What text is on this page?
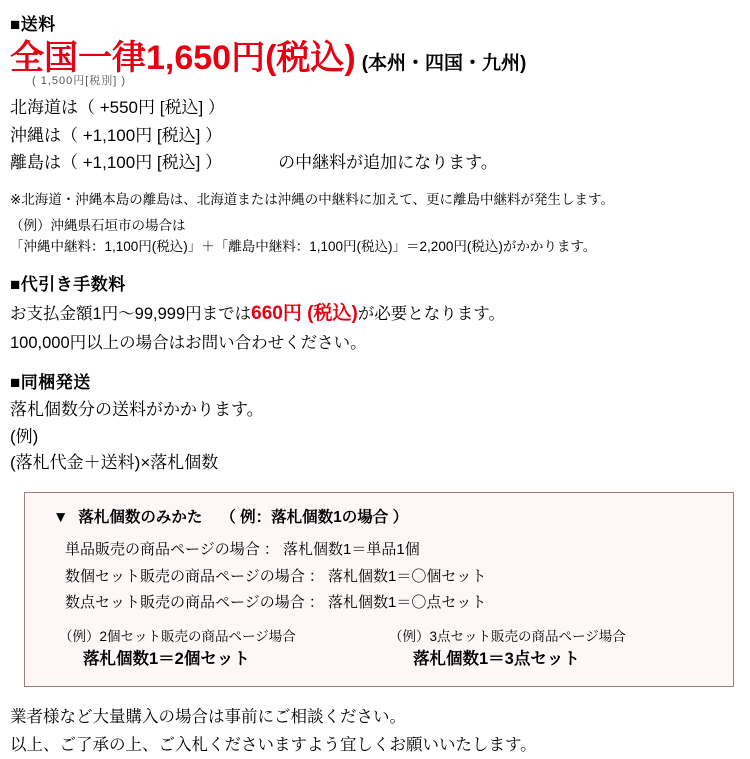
■送料
全国一律1,650円(税込) (本州・四国・九州)
( 1,500円[税別] )
北海道は（ +550円 [税込] ）
沖縄は（ +1,100円 [税込] ）
離島は（ +1,100円 [税込] ）	の中継料が追加になります。
※北海道・沖縄本島の離島は、北海道または沖縄の中継料に加えて、更に離島中継料が発生します。
（例）沖縄県石垣市の場合は
「沖縄中継料：1,100円(税込)」＋「離島中継料：1,100円(税込)」＝2,200円(税込)がかかります。
■代引き手数料
お支払金額1円～99,999円までは660円 (税込)が必要となります。
100,000円以上の場合はお問い合わせください。
■同梱発送
落札個数分の送料がかかります。
(例)
(落札代金＋送料)×落札個数
▼ 落札個数のみかた （ 例：落札個数1の場合 ）
単品販売の商品ページの場合 ： 落札個数1＝単品1個
数個セット販売の商品ページの場合 ： 落札個数1＝〇個セット
数点セット販売の商品ページの場合 ： 落札個数1＝〇点セット
（例）2個セット販売の商品ページ場合
落札個数1＝2個セット
（例）3点セット販売の商品ページ場合
落札個数1＝3点セット
業者様など大量購入の場合は事前にご相談ください。
以上、ご了承の上、ご入札くださいますよう宜しくお願いいたします。
